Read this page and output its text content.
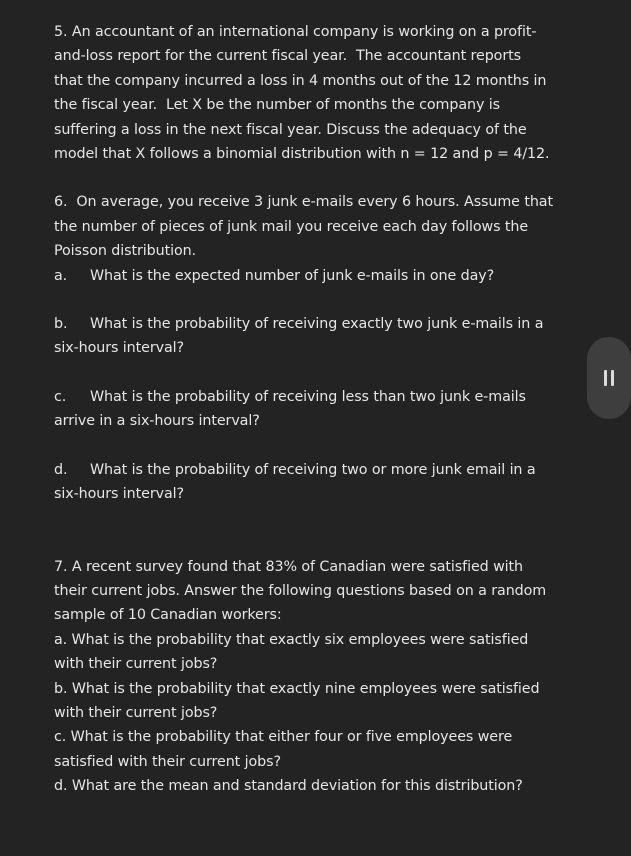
5. An accountant of an international company is working on a profit-

and-loss report for the current fiscal year.  The accountant reports

that the company incurred a loss in 4 months out of the 12 months in

the fiscal year.  Let X be the number of months the company is

suffering a loss in the next fiscal year. Discuss the adequacy of the

model that X follows a binomial distribution with n = 12 and p = 4/12.

6.  On average, you receive 3 junk e-mails every 6 hours. Assume that

the number of pieces of junk mail you receive each day follows the

Poisson distribution.

a. What is the expected number of junk e-mails in one day?

b. What is the probability of receiving exactly two junk e-mails in a

six-hours interval?

c. What is the probability of receiving less than two junk e-mails

arrive in a six-hours interval?

d. What is the probability of receiving two or more junk email in a

six-hours interval?

7. A recent survey found that 83% of Canadian were satisfied with

their current jobs. Answer the following questions based on a random

sample of 10 Canadian workers:

a. What is the probability that exactly six employees were satisfied

with their current jobs?

b. What is the probability that exactly nine employees were satisfied

with their current jobs?

c. What is the probability that either four or five employees were

satisfied with their current jobs?

d. What are the mean and standard deviation for this distribution?
